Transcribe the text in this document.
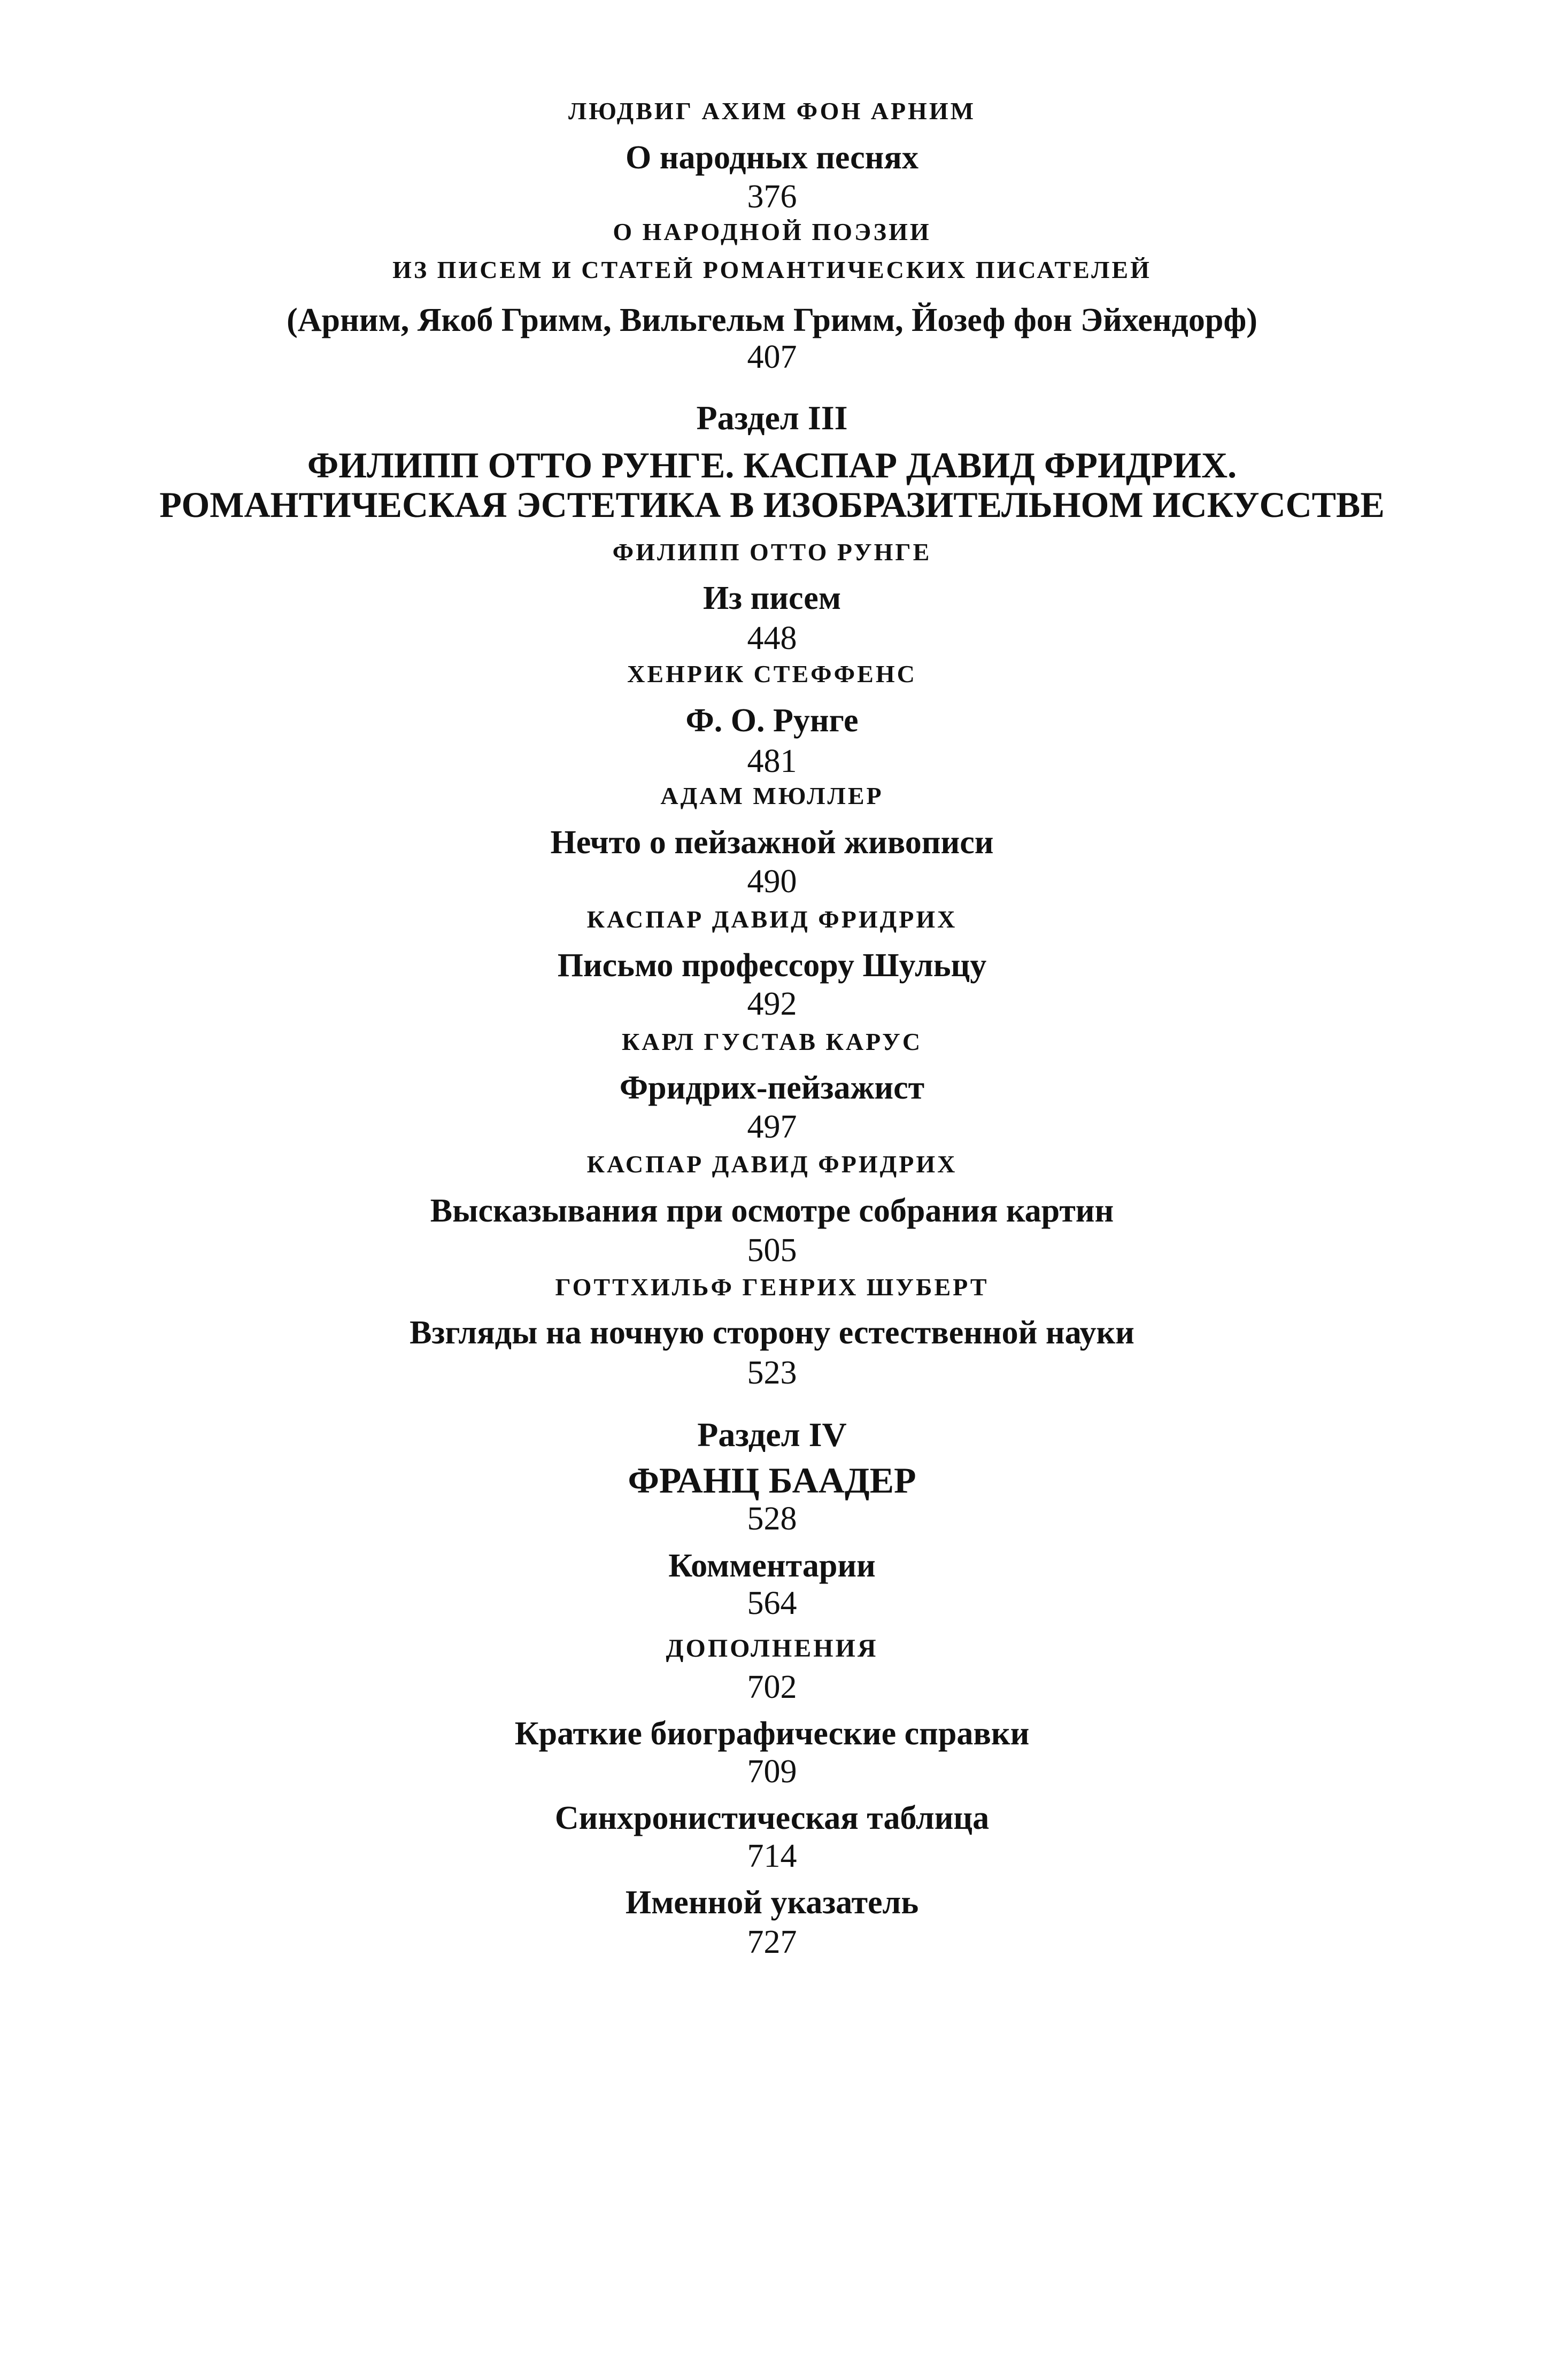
ЛЮДВИГ АХИМ ФОН АРНИМ
О народных песнях
376
О НАРОДНОЙ ПОЭЗИИ
ИЗ ПИСЕМ И СТАТЕЙ РОМАНТИЧЕСКИХ ПИСАТЕЛЕЙ
(Арним, Якоб Гримм, Вильгельм Гримм, Йозеф фон Эйхендорф)
407
Раздел III
ФИЛИПП ОТТО РУНГЕ. КАСПАР ДАВИД ФРИДРИХ.
РОМАНТИЧЕСКАЯ ЭСТЕТИКА В ИЗОБРАЗИТЕЛЬНОМ ИСКУССТВЕ
ФИЛИПП ОТТО РУНГЕ
Из писем
448
ХЕНРИК СТЕФФЕНС
Ф. О. Рунге
481
АДАМ МЮЛЛЕР
Нечто о пейзажной живописи
490
КАСПАР ДАВИД ФРИДРИХ
Письмо профессору Шульцу
492
КАРЛ ГУСТАВ КАРУС
Фридрих-пейзажист
497
КАСПАР ДАВИД ФРИДРИХ
Высказывания при осмотре собрания картин
505
ГОТТХИЛЬФ ГЕНРИХ ШУБЕРТ
Взгляды на ночную сторону естественной науки
523
Раздел IV
ФРАНЦ БААДЕР
528
Комментарии
564
ДОПОЛНЕНИЯ
702
Краткие биографические справки
709
Синхронистическая таблица
714
Именной указатель
727
